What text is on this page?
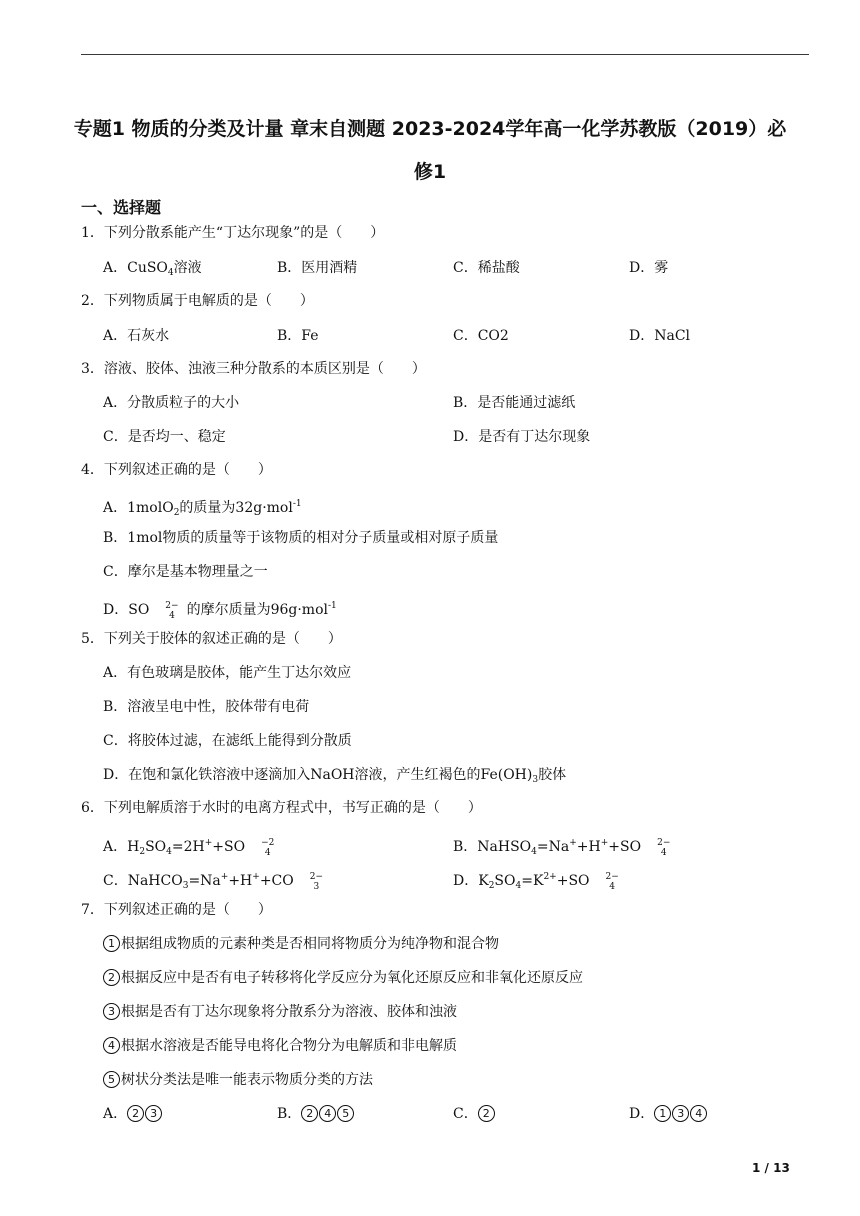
专题1 物质的分类及计量 章末自测题 2023-2024学年高一化学苏教版（2019）必
修1
一、选择题
1．下列分散系能产生“丁达尔现象”的是（　　）
A．CuSO$_4$溶液	B．医用酒精	C．稀盐酸	D．雾
2．下列物质属于电解质的是（　　）
A．石灰水	B．Fe	C．CO2	D．NaCl
3．溶液、胶体、浊液三种分散系的本质区别是（　　）
A．分散质粒子的大小	B．是否能通过滤纸
C．是否均一、稳定	D．是否有丁达尔现象
4．下列叙述正确的是（　　）
A．1molO$_2$的质量为32g·mol$^{-1}$
B．1mol物质的质量等于该物质的相对分子质量或相对原子质量
C．摩尔是基本物理量之一
D．SO 2−
4 的摩尔质量为96g·mol$^{-1}$
5．下列关于胶体的叙述正确的是（　　）
A．有色玻璃是胶体，能产生丁达尔效应
B．溶液呈电中性，胶体带有电荷
C．将胶体过滤，在滤纸上能得到分散质
D．在饱和氯化铁溶液中逐滴加入NaOH溶液，产生红褐色的$Fe(OH)_3$胶体
6．下列电解质溶于水时的电离方程式中，书写正确的是（　　）
A．$H_2SO_4=2H^++SO -2$
4	B．NaHSO$_4$=Na++H++SO 2−
4
C．NaHCO$_3$=Na++H++CO 2−
3	D．$K_2SO_4=K^{2+}+SO$ 2−
4
7．下列叙述正确的是（　　）
1 根据组成物质的元素种类是否相同将物质分为纯净物和混合物
2 根据反应中是否有电子转移将化学反应分为氧化还原反应和非氧化还原反应
3 根据是否有丁达尔现象将分散系分为溶液、胶体和浊液
4 根据水溶液是否能导电将化合物分为电解质和非电解质
5 树状分类法是唯一能表示物质分类的方法
A． 2 3	B． 2 4 5	C． 2	D． 1 3 4
1 / 13
